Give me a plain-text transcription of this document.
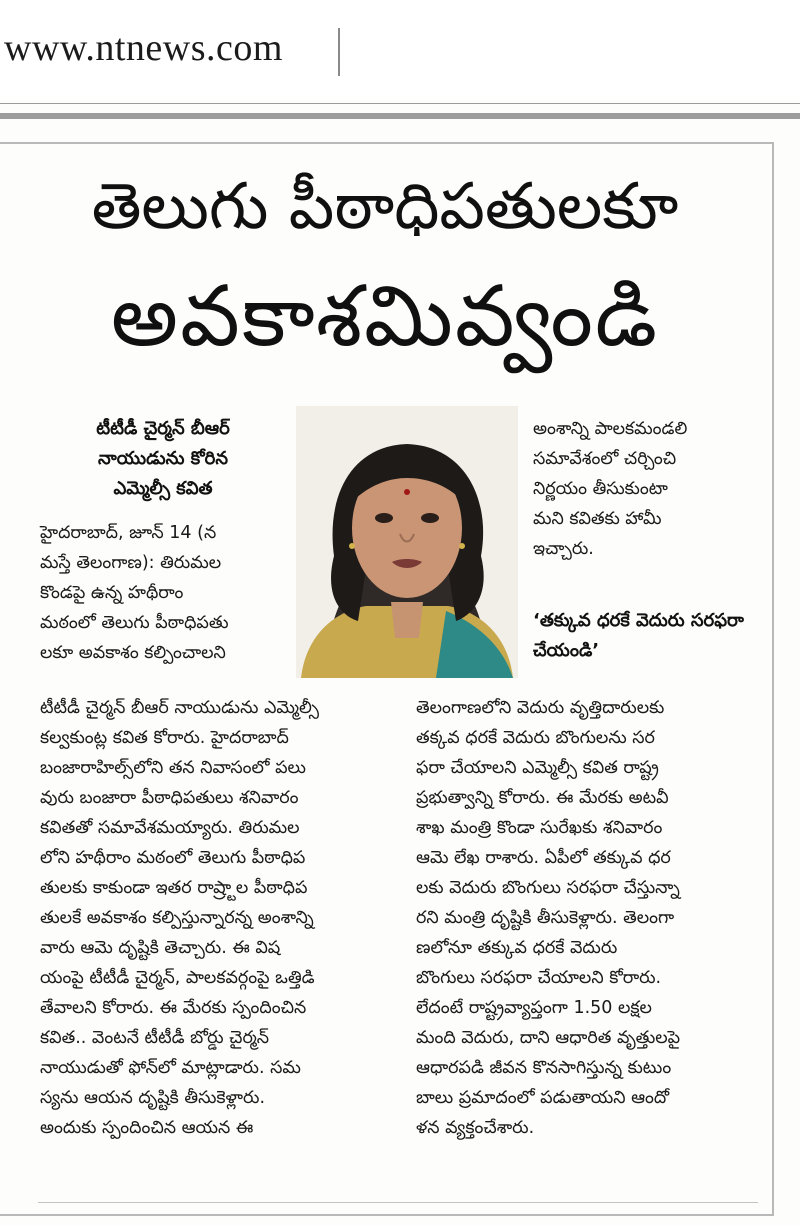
www.ntnews.com

తెలుగు పీఠాధిపతులకూ
అవకాశమివ్వండి
టీటీడీ చైర్మన్ బీఆర్
నాయుడును కోరిన
ఎమ్మెల్సీ కవిత

హైదరాబాద్, జూన్ 14 (న

మస్తే తెలంగాణ): తిరుమల

కొండపై ఉన్న హథీరాం

మఠంలో తెలుగు పీఠాధిపతు

లకూ అవకాశం కల్పించాలని

టీటీడీ చైర్మన్ బీఆర్ నాయుడును ఎమ్మెల్సీ

కల్వకుంట్ల కవిత కోరారు. హైదరాబాద్

బంజారాహిల్స్‌లోని తన నివాసంలో పలు

వురు బంజారా పీఠాధిపతులు శనివారం

కవితతో సమావేశమయ్యారు. తిరుమల

లోని హథీరాం మఠంలో తెలుగు పీఠాధిప

తులకు కాకుండా ఇతర రాష్ర్టాల పీఠాధిప

తులకే అవకాశం కల్పిస్తున్నారన్న అంశాన్ని

వారు ఆమె దృష్టికి తెచ్చారు. ఈ విష

యంపై టీటీడీ చైర్మన్, పాలకవర్గంపై ఒత్తిడి

తేవాలని కోరారు. ఈ మేరకు స్పందించిన

కవిత.. వెంటనే టీటీడీ బోర్డు చైర్మన్

నాయుడుతో ఫోన్‌లో మాట్లాడారు. సమ

స్యను ఆయన దృష్టికి తీసుకెళ్లారు.

అందుకు స్పందించిన ఆయన ఈ

అంశాన్ని పాలకమండలి

సమావేశంలో చర్చించి

నిర్ణయం తీసుకుంటా

మని కవితకు హామీ

ఇచ్చారు.

‘తక్కువ ధరకే వెదురు సరఫరా చేయండి’

తెలంగాణలోని వెదురు వృత్తిదారులకు

తక్కవ ధరకే వెదురు బొంగులను సర

ఫరా చేయాలని ఎమ్మెల్సీ కవిత రాష్ట్ర

ప్రభుత్వాన్ని కోరారు. ఈ మేరకు అటవీ

శాఖ మంత్రి కొండా సురేఖకు శనివారం

ఆమె లేఖ రాశారు. ఏపీలో తక్కువ ధర

లకు వెదురు బొంగులు సరఫరా చేస్తున్నా

రని మంత్రి దృష్టికి తీసుకెళ్లారు. తెలంగా

ణలోనూ తక్కువ ధరకే వెదురు

బొంగులు సరఫరా చేయాలని కోరారు.

లేదంటే రాష్ట్రవ్యాప్తంగా 1.50 లక్షల

మంది వెదురు, దాని ఆధారిత వృత్తులపై

ఆధారపడి జీవన కొనసాగిస్తున్న కుటుం

బాలు ప్రమాదంలో పడుతాయని ఆందో

ళన వ్యక్తంచేశారు.
